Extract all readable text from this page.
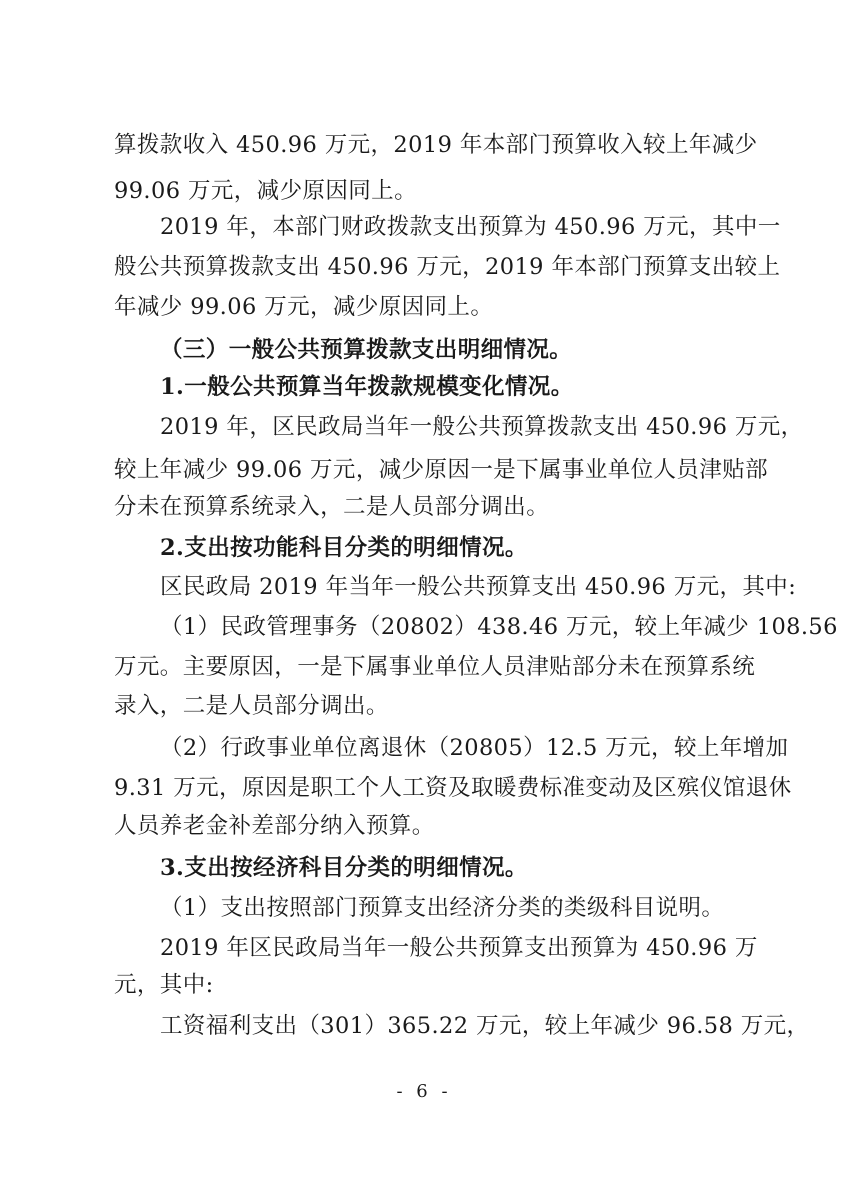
算拨款收入 450.96 万元，2019 年本部门预算收入较上年减少
99.06 万元，减少原因同上。
2019 年，本部门财政拨款支出预算为 450.96 万元，其中一
般公共预算拨款支出 450.96 万元，2019 年本部门预算支出较上
年减少 99.06 万元，减少原因同上。
（三）一般公共预算拨款支出明细情况。
1.一般公共预算当年拨款规模变化情况。
2019 年，区民政局当年一般公共预算拨款支出 450.96 万元，
较上年减少 99.06 万元，减少原因一是下属事业单位人员津贴部
分未在预算系统录入，二是人员部分调出。
2.支出按功能科目分类的明细情况。
区民政局 2019 年当年一般公共预算支出 450.96 万元，其中:
（1）民政管理事务（20802）438.46 万元，较上年减少 108.56
万元。主要原因，一是下属事业单位人员津贴部分未在预算系统
录入，二是人员部分调出。
（2）行政事业单位离退休（20805）12.5 万元，较上年增加
9.31 万元，原因是职工个人工资及取暖费标准变动及区殡仪馆退休
人员养老金补差部分纳入预算。
3.支出按经济科目分类的明细情况。
（1）支出按照部门预算支出经济分类的类级科目说明。
2019 年区民政局当年一般公共预算支出预算为 450.96 万
元，其中:
工资福利支出（301）365.22 万元，较上年减少 96.58 万元，
- 6 -
